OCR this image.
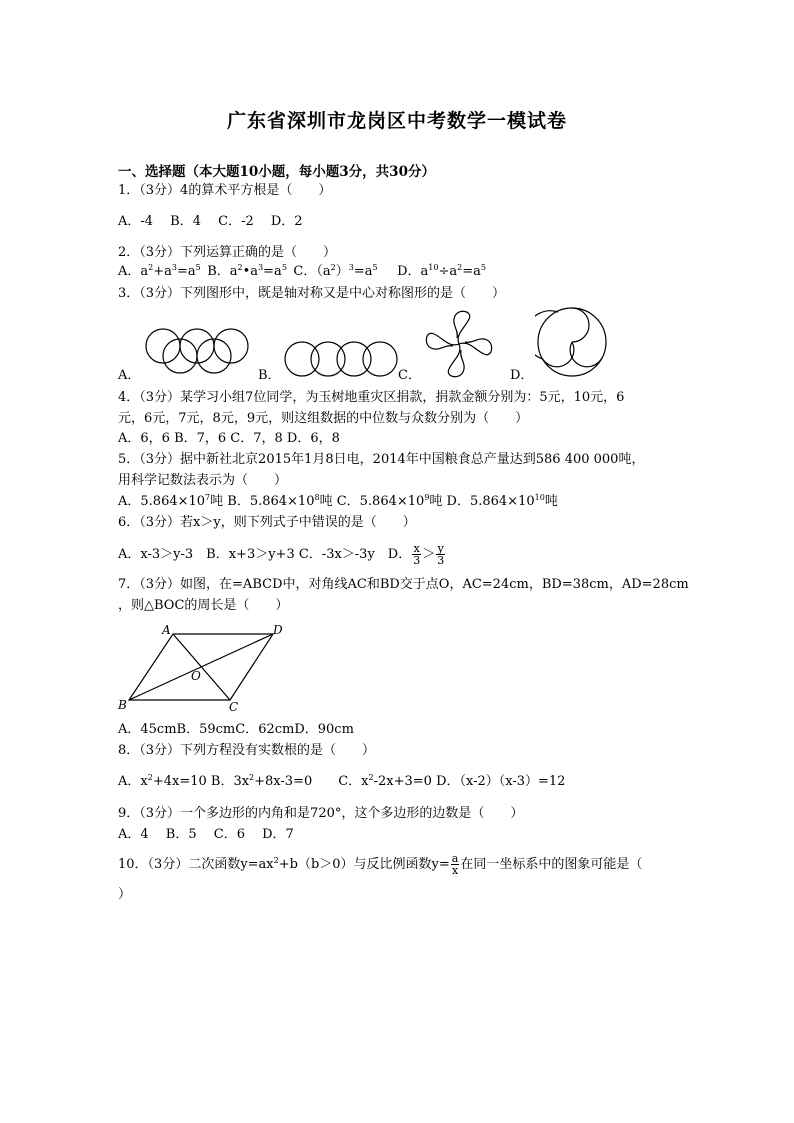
广东省深圳市龙岗区中考数学一模试卷
一、选择题（本大题10小题，每小题3分，共30分）
1．（3分）4的算术平方根是（　　）
A．-4　 B．4　 C．-2　 D．2
2．（3分）下列运算正确的是（　　）
A．$a^2+a^3=a^5$  B．$a^2•a^3=a^5$  C．$(a^2)^3=a^5$   D．$a^{10}\div a^2=a^5$
3．（3分）下列图形中，既是轴对称又是中心对称图形的是（　　）
A．	B．	C．	D．
4．（3分）某学习小组7位同学，为玉树地重灾区捐款，捐款金额分别为：5元，10元，6
元，6元，7元，8元，9元，则这组数据的中位数与众数分别为（　　）
A．6，6 B．7，6 C．7，8 D．6，8
5．（3分）据中新社北京2015年1月8日电，2014年中国粮食总产量达到586 400 000吨，
用科学记数法表示为（　　）
A．$5.864\times 10^7$吨 B．$5.864\times 10^8$吨 C．$5.864\times 10^9$吨 D．$5.864\times 10^{10}$吨
6．（3分）若x＞y，则下列式子中错误的是（　　）
A．x-3＞y-3　B．x+3＞y+3 C．-3x＞-3y　D． $\frac{x}{3} > \frac{y}{3}$
7．（3分）如图，在=ABCD中，对角线AC和BD交于点O，AC=24cm，BD=38cm，AD=28cm
，则△BOC的周长是（　　）
A	D
O
B	C
A．45cmB．59cmC．62cmD．90cm
8．（3分）下列方程没有实数根的是（　　）
A．$x^2+4x=10$ B．$3x^2+8x-3=0$　　C．$x^2-2x+3=0$ D．（x-2）（x-3）=12
9．（3分）一个多边形的内角和是720°，这个多边形的边数是（　　）
A．4　 B．5　 C．6　 D．7
10．（3分）二次函数$y=ax^2+b(b>0)$与反比例函数$y= \frac{a}{x}$ 在同一坐标系中的图象可能是（
）
